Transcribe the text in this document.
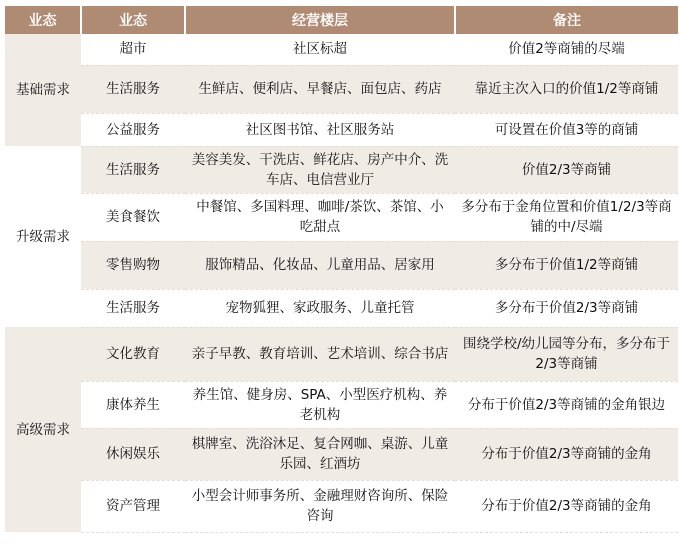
业态	业态	经营楼层	备注
基础需求	超市	社区标超	价值2等商铺的尽端
	生活服务	生鲜店、便利店、早餐店、面包店、药店	靠近主次入口的价值1/2等商铺
	公益服务	社区图书馆、社区服务站	可设置在价值3等的商铺
升级需求	生活服务	美容美发、干洗店、鲜花店、房产中介、洗车店、电信营业厅	价值2/3等商铺
	美食餐饮	中餐馆、多国料理、咖啡/茶饮、茶馆、小吃甜点	多分布于金角位置和价值1/2/3等商铺的中/尽端
	零售购物	服饰精品、化妆品、儿童用品、居家用	多分布于价值1/2等商铺
	生活服务	宠物狐狸、家政服务、儿童托管	多分布于价值2/3等商铺
高级需求	文化教育	亲子早教、教育培训、艺术培训、综合书店	围绕学校/幼儿园等分布，多分布于2/3等商铺
	康体养生	养生馆、健身房、SPA、小型医疗机构、养老机构	分布于价值2/3等商铺的金角银边
	休闲娱乐	棋牌室、洗浴沐足、复合网咖、桌游、儿童乐园、红酒坊	分布于价值2/3等商铺的金角
	资产管理	小型会计师事务所、金融理财咨询所、保险咨询	分布于价值2/3等商铺的金角
